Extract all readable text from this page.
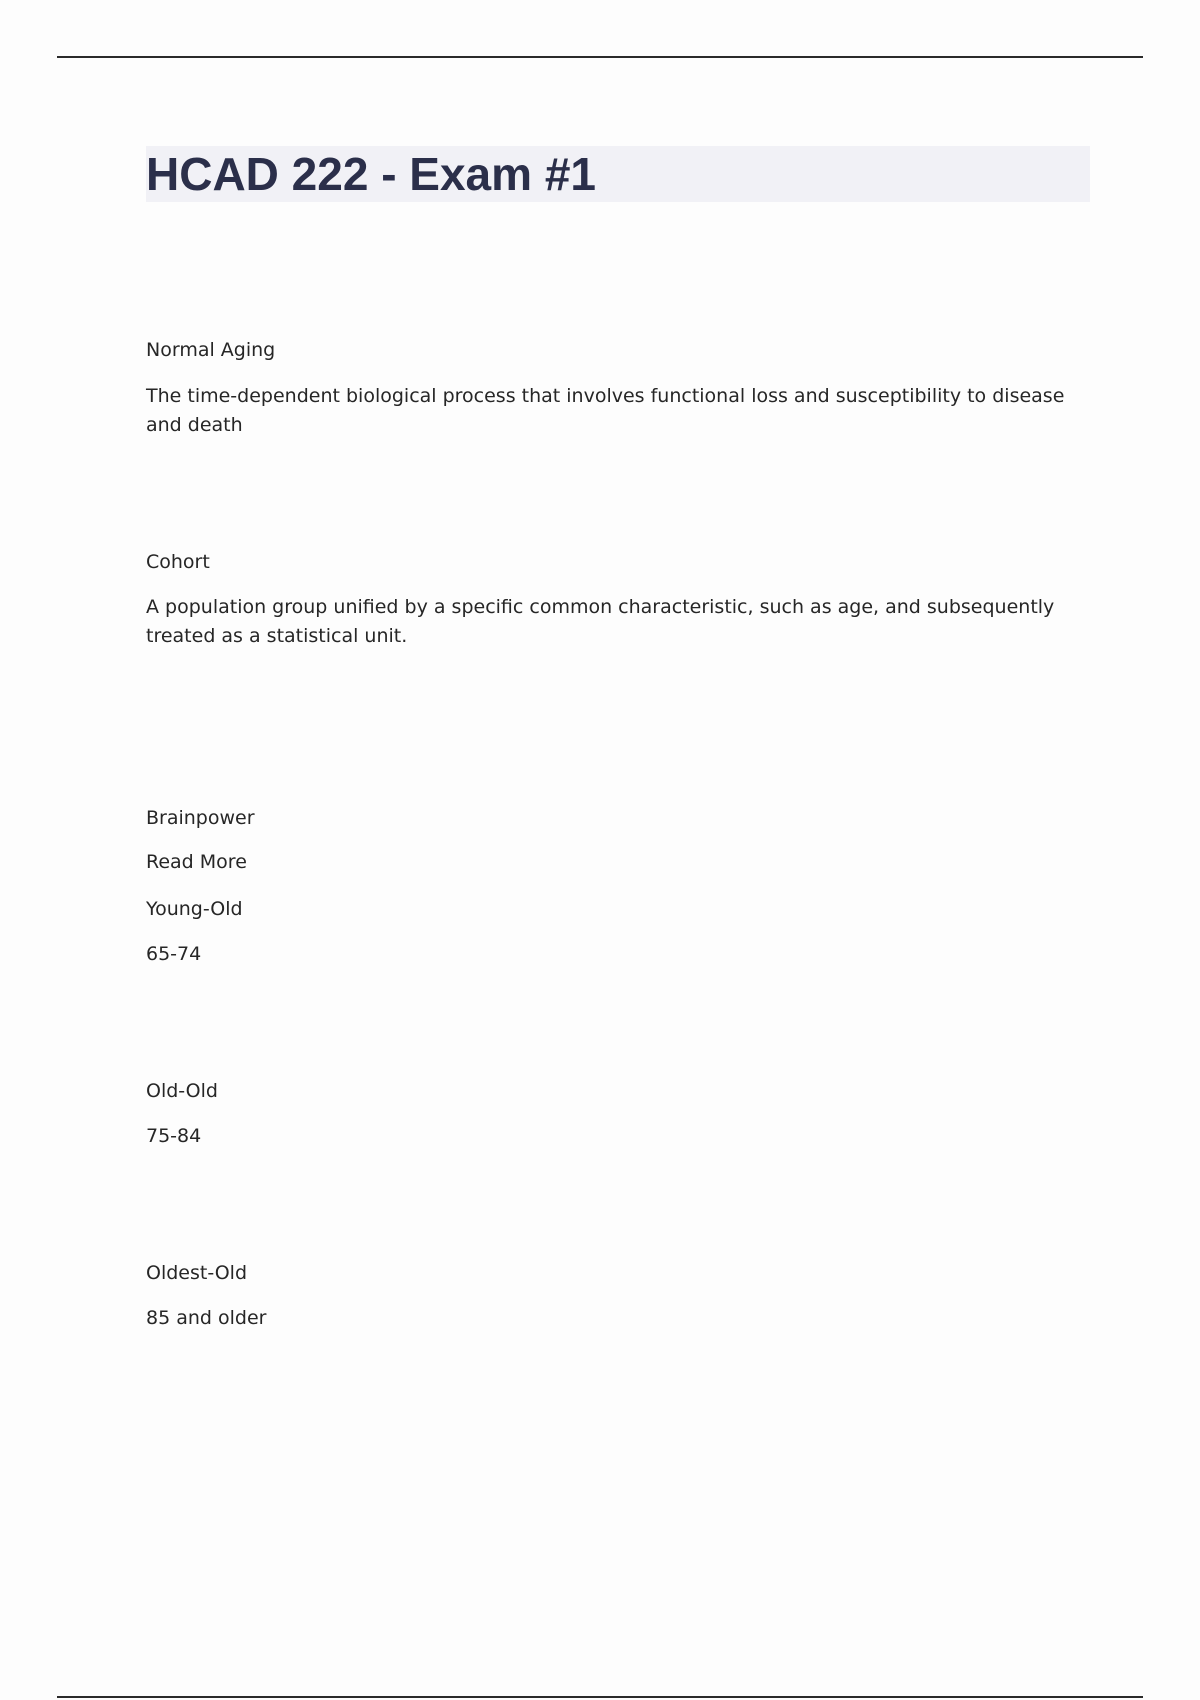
HCAD 222 - Exam #1

Normal Aging

The time-dependent biological process that involves functional loss and susceptibility to disease and death

Cohort

A population group unified by a specific common characteristic, such as age, and subsequently treated as a statistical unit.

Brainpower

Read More

Young-Old

65-74

Old-Old

75-84

Oldest-Old

85 and older
